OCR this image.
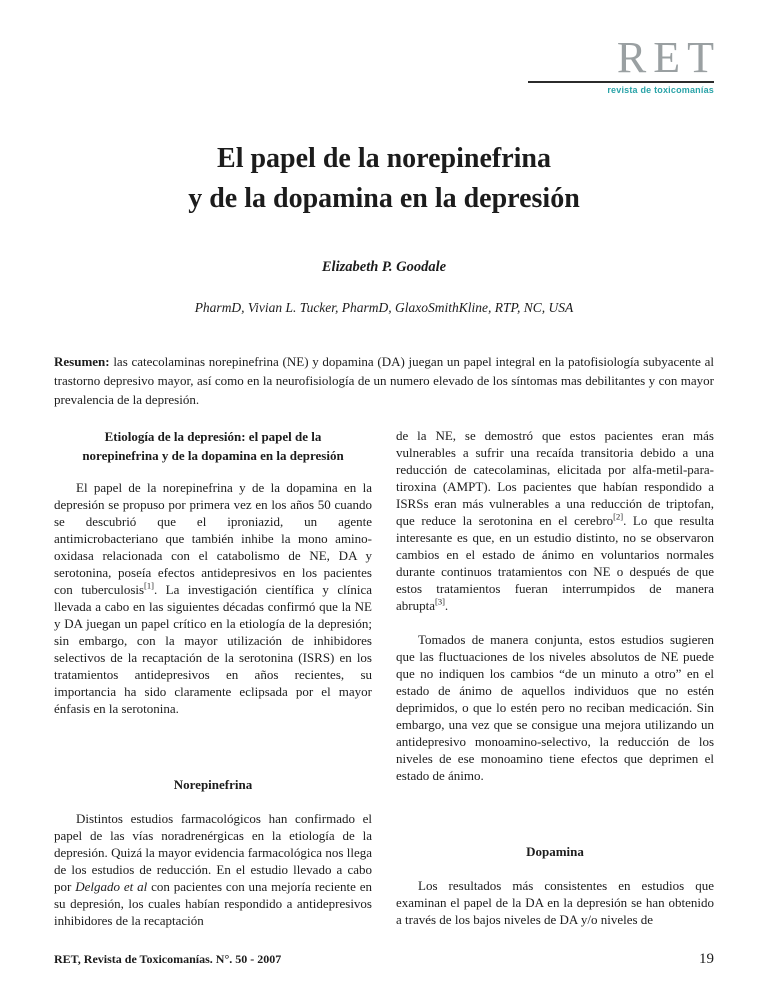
RET
revista de toxicomanías
El papel de la norepinefrina
y de la dopamina en la depresión
Elizabeth P. Goodale
PharmD, Vivian L. Tucker, PharmD, GlaxoSmithKline, RTP, NC, USA

Resumen: las catecolaminas norepinefrina (NE) y dopamina (DA) juegan un papel integral en la patofisiología subyacente al trastorno depresivo mayor, así como en la neurofisiología de un numero elevado de los síntomas mas debilitantes y con mayor prevalencia de la depresión.

Etiología de la depresión: el papel de la norepinefrina y de la dopamina en la depresión

El papel de la norepinefrina y de la dopamina en la depresión se propuso por primera vez en los años 50 cuando se descubrió que el iproniazid, un agente antimicrobacteriano que también inhibe la mono amino-oxidasa relacionada con el catabolismo de NE, DA y serotonina, poseía efectos antidepresivos en los pacientes con tuberculosis[1]. La investigación científica y clínica llevada a cabo en las siguientes décadas confirmó que la NE y DA juegan un papel crítico en la etiología de la depresión; sin embargo, con la mayor utilización de inhibidores selectivos de la recaptación de la serotonina (ISRS) en los tratamientos antidepresivos en años recientes, su importancia ha sido claramente eclipsada por el mayor énfasis en la serotonina.

Norepinefrina

Distintos estudios farmacológicos han confirmado el papel de las vías noradrenérgicas en la etiología de la depresión. Quizá la mayor evidencia farmacológica nos llega de los estudios de reducción. En el estudio llevado a cabo por Delgado et al con pacientes con una mejoría reciente en su depresión, los cuales habían respondido a antidepresivos inhibidores de la recaptación

de la NE, se demostró que estos pacientes eran más vulnerables a sufrir una recaída transitoria debido a una reducción de catecolaminas, elicitada por alfa-metil-para-tiroxina (AMPT). Los pacientes que habían respondido a ISRSs eran más vulnerables a una reducción de triptofan, que reduce la serotonina en el cerebro[2]. Lo que resulta interesante es que, en un estudio distinto, no se observaron cambios en el estado de ánimo en voluntarios normales durante continuos tratamientos con NE o después de que estos tratamientos fueran interrumpidos de manera abrupta[3].

Tomados de manera conjunta, estos estudios sugieren que las fluctuaciones de los niveles absolutos de NE puede que no indiquen los cambios “de un minuto a otro” en el estado de ánimo de aquellos individuos que no estén deprimidos, o que lo estén pero no reciban medicación. Sin embargo, una vez que se consigue una mejora utilizando un antidepresivo monoamino-selectivo, la reducción de los niveles de ese monoamino tiene efectos que deprimen el estado de ánimo.

Dopamina

Los resultados más consistentes en estudios que examinan el papel de la DA en la depresión se han obtenido a través de los bajos niveles de DA y/o niveles de

RET, Revista de Toxicomanías. N°. 50 - 2007	19
